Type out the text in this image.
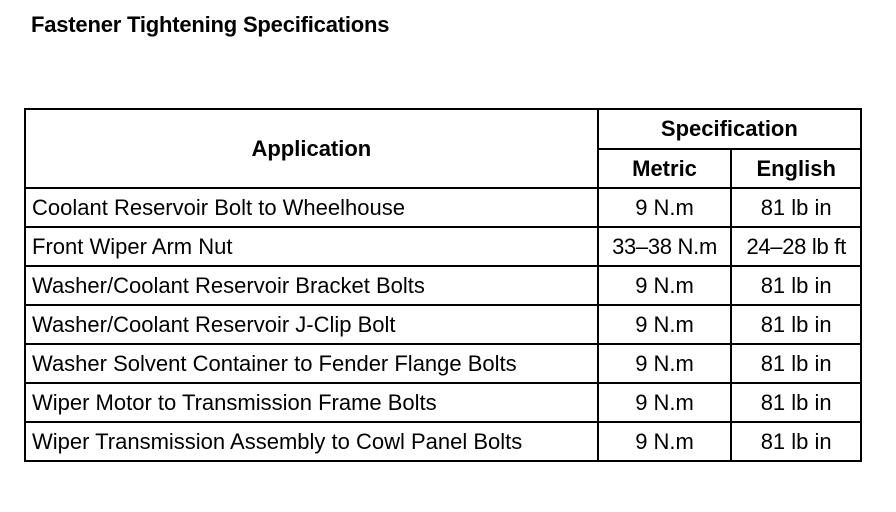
Fastener Tightening Specifications
Application	Specification	
	Metric	English
Coolant Reservoir Bolt to Wheelhouse	9 N.m	81 lb in
Front Wiper Arm Nut	33–38 N.m	24–28 lb ft
Washer/Coolant Reservoir Bracket Bolts	9 N.m	81 lb in
Washer/Coolant Reservoir J-Clip Bolt	9 N.m	81 lb in
Washer Solvent Container to Fender Flange Bolts	9 N.m	81 lb in
Wiper Motor to Transmission Frame Bolts	9 N.m	81 lb in
Wiper Transmission Assembly to Cowl Panel Bolts	9 N.m	81 lb in
